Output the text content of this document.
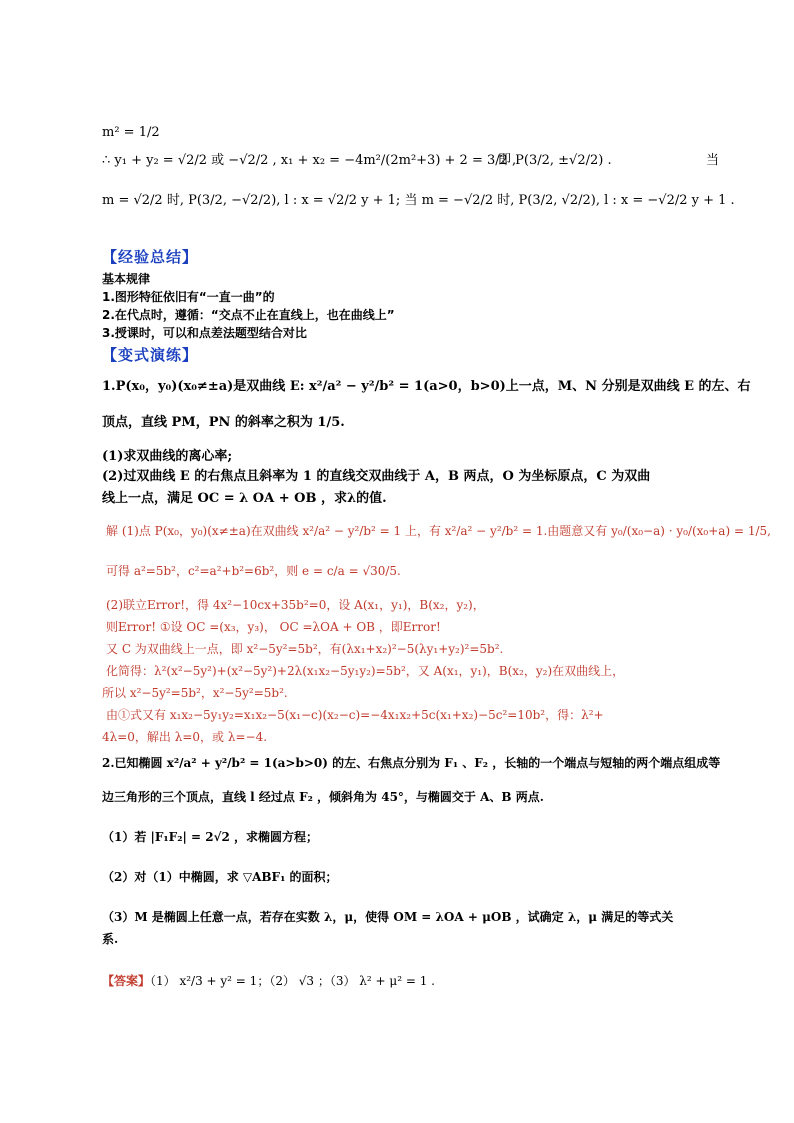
m² = 1/2
∴ y₁ + y₂ = √2/2 或 −√2/2 , x₁ + x₂ = −4m²/(2m²+3) + 2 = 3/2 ,
即 P(3/2, ±√2/2) .	当
m = √2/2 时, P(3/2, −√2/2), l : x = √2/2 y + 1; 当 m = −√2/2 时, P(3/2, √2/2), l : x = −√2/2 y + 1 .
【经验总结】
基本规律
1.图形特征依旧有“一直一曲”的
2.在代点时，遵循：“交点不止在直线上，也在曲线上”
3.授课时，可以和点差法题型结合对比
【变式演练】
1.P(x₀，y₀)(x₀≠±a)是双曲线 E: x²/a² − y²/b² = 1(a>0，b>0)上一点，M、N 分别是双曲线 E 的左、右
顶点，直线 PM，PN 的斜率之积为 1/5.
(1)求双曲线的离心率;
(2)过双曲线 E 的右焦点且斜率为 1 的直线交双曲线于 A，B 两点，O 为坐标原点，C 为双曲
线上一点，满足 OC = λ OA + OB ，求λ的值.
解 (1)点 P(x₀，y₀)(x≠±a)在双曲线 x²/a² − y²/b² = 1 上，有 x²/a² − y²/b² = 1.由题意又有 y₀/(x₀−a) · y₀/(x₀+a) = 1/5,
可得 a²=5b²，c²=a²+b²=6b²，则 e = c/a = √30/5.
(2)联立Error!，得 4x²−10cx+35b²=0，设 A(x₁，y₁)，B(x₂，y₂)，
则Error! ①设 OC =(x₃，y₃)， OC =λOA + OB ，即Error!
又 C 为双曲线上一点，即 x²−5y²=5b²，有(λx₁+x₂)²−5(λy₁+y₂)²=5b².
化简得：λ²(x²−5y²)+(x²−5y²)+2λ(x₁x₂−5y₁y₂)=5b²，又 A(x₁，y₁)，B(x₂，y₂)在双曲线上，
所以 x²−5y²=5b²，x²−5y²=5b².
由①式又有 x₁x₂−5y₁y₂=x₁x₂−5(x₁−c)(x₂−c)=−4x₁x₂+5c(x₁+x₂)−5c²=10b²，得：λ²+
4λ=0，解出 λ=0，或 λ=−4.
2.已知椭圆 x²/a² + y²/b² = 1(a>b>0) 的左、右焦点分别为 F₁ 、F₂ ，长轴的一个端点与短轴的两个端点组成等
边三角形的三个顶点，直线 l 经过点 F₂ ，倾斜角为 45°，与椭圆交于 A、B 两点.
（1）若 |F₁F₂| = 2√2 ，求椭圆方程；
（2）对（1）中椭圆，求 ▽ABF₁ 的面积；
（3）M 是椭圆上任意一点，若存在实数 λ，μ，使得 OM = λOA + μOB ，试确定 λ，μ 满足的等式关
系.
【答案】（1） x²/3 + y² = 1；（2） √3 ；（3） λ² + μ² = 1 .
